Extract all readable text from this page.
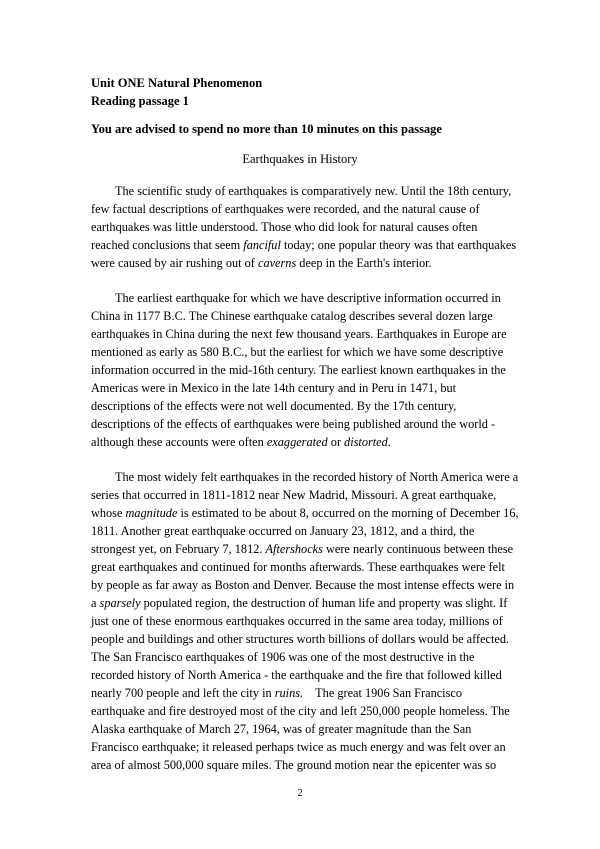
Unit ONE Natural Phenomenon
Reading passage 1
You are advised to spend no more than 10 minutes on this passage
Earthquakes in History
The scientific study of earthquakes is comparatively new. Until the 18th century,
few factual descriptions of earthquakes were recorded, and the natural cause of
earthquakes was little understood. Those who did look for natural causes often
reached conclusions that seem fanciful today; one popular theory was that earthquakes
were caused by air rushing out of caverns deep in the Earth's interior.
The earliest earthquake for which we have descriptive information occurred in
China in 1177 B.C. The Chinese earthquake catalog describes several dozen large
earthquakes in China during the next few thousand years. Earthquakes in Europe are
mentioned as early as 580 B.C., but the earliest for which we have some descriptive
information occurred in the mid-16th century. The earliest known earthquakes in the
Americas were in Mexico in the late 14th century and in Peru in 1471, but
descriptions of the effects were not well documented. By the 17th century,
descriptions of the effects of earthquakes were being published around the world -
although these accounts were often exaggerated or distorted.
The most widely felt earthquakes in the recorded history of North America were a
series that occurred in 1811-1812 near New Madrid, Missouri. A great earthquake,
whose magnitude is estimated to be about 8, occurred on the morning of December 16,
1811. Another great earthquake occurred on January 23, 1812, and a third, the
strongest yet, on February 7, 1812. Aftershocks were nearly continuous between these
great earthquakes and continued for months afterwards. These earthquakes were felt
by people as far away as Boston and Denver. Because the most intense effects were in
a sparsely populated region, the destruction of human life and property was slight. If
just one of these enormous earthquakes occurred in the same area today, millions of
people and buildings and other structures worth billions of dollars would be affected.
The San Francisco earthquakes of 1906 was one of the most destructive in the
recorded history of North America - the earthquake and the fire that followed killed
nearly 700 people and left the city in ruins.    The great 1906 San Francisco
earthquake and fire destroyed most of the city and left 250,000 people homeless. The
Alaska earthquake of March 27, 1964, was of greater magnitude than the San
Francisco earthquake; it released perhaps twice as much energy and was felt over an
area of almost 500,000 square miles. The ground motion near the epicenter was so
2
